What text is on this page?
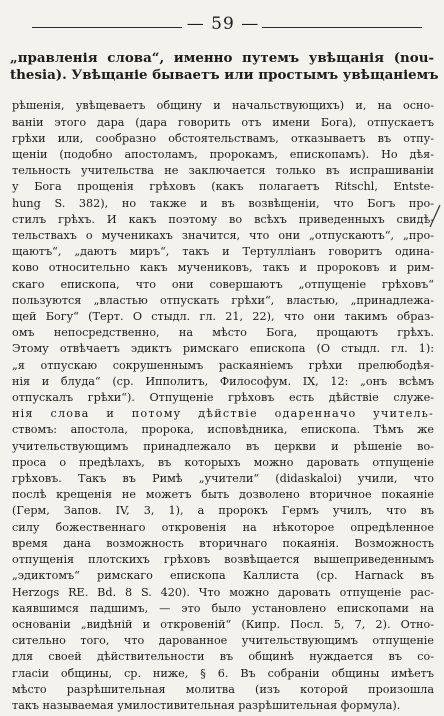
— 59 —
„правленія слова“, именно путемъ увѣщанія (nou-
thesia). Увѣщаніе бываетъ или простымъ увѣщаніемъ
рѣшенія, увѣщеваетъ общину и начальствующихъ) и, на осно-
ваніи этого дара (дара говорить отъ имени Бога), отпускаетъ
грѣхи или, сообразно обстоятельствамъ, отказываетъ въ отпу-
щеніи (подобно апостоламъ, пророкамъ, епископамъ). Но дѣя-
тельность учительства не заключается только въ испрашиваніи
у Бога прощенія грѣховъ (какъ полагаетъ Ritschl, Entste-
hung S. 382), но также и въ возвѣщеніи, что Богъ про-
стилъ грѣхъ. И какъ поэтому во всѣхъ приведенныхъ свидѣ-
тельствахъ о мученикахъ значится, что они „отпускаютъ“, „про-
щаютъ“, „даютъ миръ“, такъ и Тертулліанъ говоритъ одина-
ково относительно какъ мучениковъ, такъ и пророковъ и рим-
скаго епископа, что они совершаютъ „отпущеніе грѣховъ“
пользуются „властью отпускать грѣхи“, властью, „принадлежа-
щей Богу“ (Терт. О стыдл. гл. 21, 22), что они такимъ образ-
омъ непосредственно, на мѣсто Бога, прощаютъ грѣхъ.
Этому отвѣчаетъ эдиктъ римскаго епископа (О стыдл. гл. 1):
„я отпускаю сокрушеннымъ раскаяніемъ грѣхи прелюбодѣя-
нія и блуда“ (ср. Ипполитъ, Философум. IX, 12: „онъ всѣмъ
отпускалъ грѣхи“). Отпущеніе грѣховъ есть дѣйствіе служе-
нія слова и потому дѣйствіе одаренначо учитель-
ствомъ: апостола, пророка, исповѣдника, епископа. Тѣмъ же
учительствующимъ принадлежало въ церкви и рѣшеніе во-
проса о предѣлахъ, въ которыхъ можно даровать отпущеніе
грѣховъ. Такъ въ Римѣ „учители“ (didaskaloi) учили, что
послѣ крещенія не можетъ быть дозволено вторичное покаяніе
(Герм, Запов. IV, 3, 1), а пророкъ Гермъ училъ, что въ
силу божественнаго откровенія на нѣкоторое опредѣленное
время дана возможность вторичнаго покаянія. Возможность
отпущенія плотскихъ грѣховъ возвѣщается вышеприведеннымъ
„эдиктомъ“ римскаго епископа Каллиста (ср. Harnack въ
Herzogs RE. Bd. 8 S. 420). Что можно даровать отпущеніе рас-
каявшимся падшимъ, — это было установлено епископами на
основаніи „видѣній и откровеній“ (Кипр. Посл. 5, 7, 2). Отно-
сительно того, что дарованное учительствующимъ отпущеніе
для своей дѣйствительности въ общинѣ нуждается въ со-
гласіи общины, ср. ниже, § 6. Въ собраніи общины имѣетъ
мѣсто разрѣшительная молитва (изъ которой произошла
такъ называемая умилостивительная разрѣшительная формула).
